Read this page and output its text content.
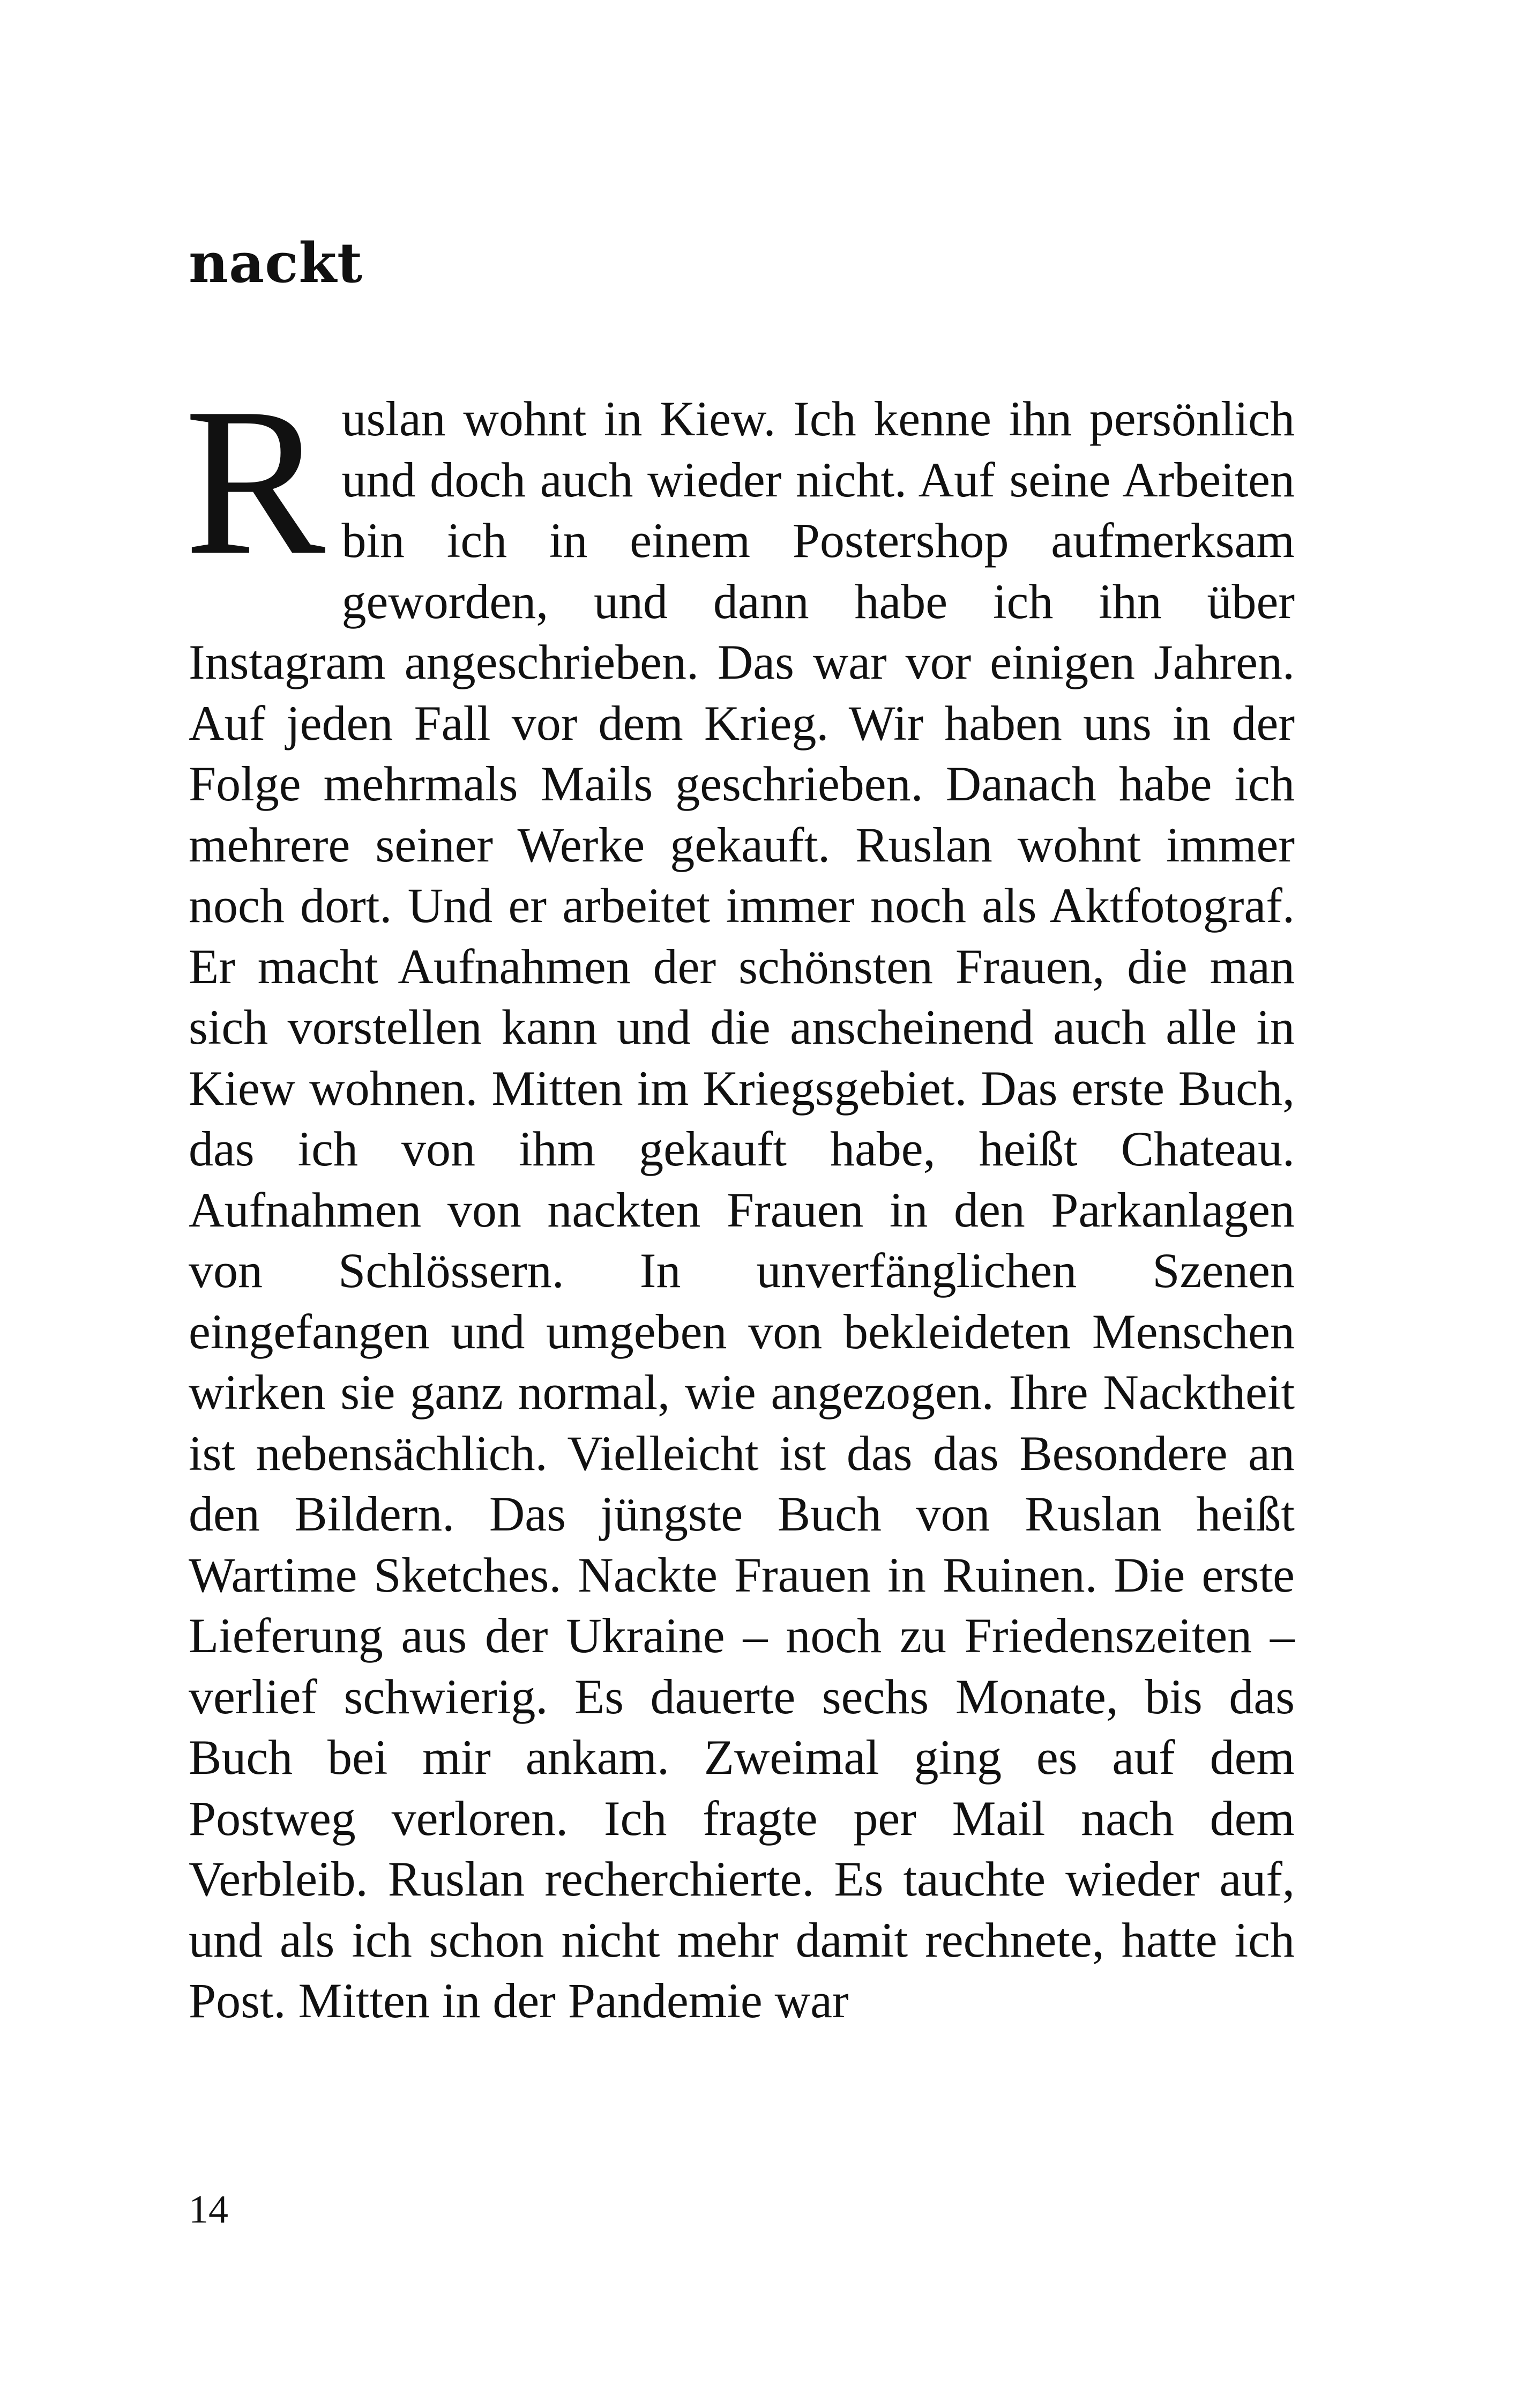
nackt

Ruslan wohnt in Kiew. Ich kenne ihn persönlich und doch auch wieder nicht. Auf seine Arbeiten bin ich in einem Postershop aufmerksam geworden, und dann habe ich ihn über Instagram angeschrieben. Das war vor einigen Jahren. Auf jeden Fall vor dem Krieg. Wir haben uns in der Folge mehrmals Mails geschrieben. Danach habe ich mehrere seiner Werke gekauft. Ruslan wohnt immer noch dort. Und er arbeitet immer noch als Aktfotograf. Er macht Aufnahmen der schönsten Frauen, die man sich vorstellen kann und die anscheinend auch alle in Kiew wohnen. Mitten im Kriegsgebiet. Das erste Buch, das ich von ihm gekauft habe, heißt Chateau. Aufnahmen von nackten Frauen in den Parkanlagen von Schlössern. In unverfänglichen Szenen eingefangen und umgeben von bekleideten Menschen wirken sie ganz normal, wie angezogen. Ihre Nacktheit ist nebensächlich. Vielleicht ist das das Besondere an den Bildern. Das jüngste Buch von Ruslan heißt Wartime Sketches. Nackte Frauen in Ruinen. Die erste Lieferung aus der Ukraine – noch zu Friedenszeiten – verlief schwierig. Es dauerte sechs Monate, bis das Buch bei mir ankam. Zweimal ging es auf dem Postweg verloren. Ich fragte per Mail nach dem Verbleib. Ruslan recherchierte. Es tauchte wieder auf, und als ich schon nicht mehr damit rechnete, hatte ich Post. Mitten in der Pandemie war

14
